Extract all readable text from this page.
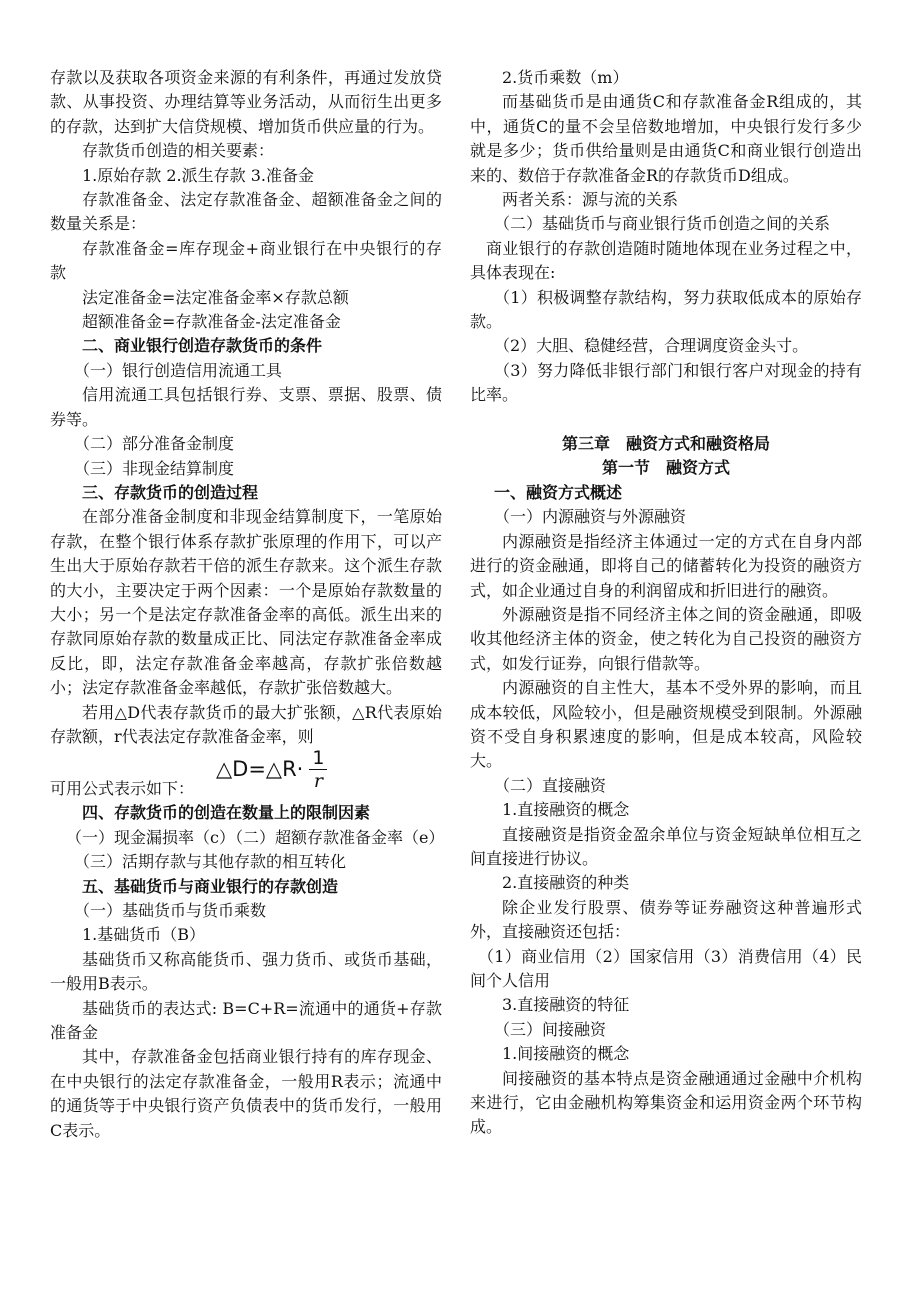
存款以及获取各项资金来源的有利条件，再通过发放贷款、从事投资、办理结算等业务活动，从而衍生出更多的存款，达到扩大信贷规模、增加货币供应量的行为。

存款货币创造的相关要素：

1.原始存款 2.派生存款 3.准备金

存款准备金、法定存款准备金、超额准备金之间的数量关系是：

存款准备金=库存现金+商业银行在中央银行的存款

法定准备金=法定准备金率×存款总额

超额准备金=存款准备金-法定准备金

二、商业银行创造存款货币的条件

（一）银行创造信用流通工具

信用流通工具包括银行券、支票、票据、股票、债券等。

（二）部分准备金制度

（三）非现金结算制度

三、存款货币的创造过程

在部分准备金制度和非现金结算制度下，一笔原始存款，在整个银行体系存款扩张原理的作用下，可以产生出大于原始存款若干倍的派生存款来。这个派生存款的大小，主要决定于两个因素：一个是原始存款数量的大小；另一个是法定存款准备金率的高低。派生出来的存款同原始存款的数量成正比、同法定存款准备金率成反比，即，法定存款准备金率越高，存款扩张倍数越小；法定存款准备金率越低，存款扩张倍数越大。

若用△D代表存款货币的最大扩张额，△R代表原始存款额，r代表法定存款准备金率，则

可用公式表示如下：
△D=△R· $\frac{1}{r}$

四、存款货币的创造在数量上的限制因素

（一）现金漏损率（c）（二）超额存款准备金率（e）

（三）活期存款与其他存款的相互转化

五、基础货币与商业银行的存款创造

（一）基础货币与货币乘数

1.基础货币（B）

基础货币又称高能货币、强力货币、或货币基础，一般用B表示。

基础货币的表达式: B=C+R=流通中的通货+存款准备金

其中，存款准备金包括商业银行持有的库存现金、在中央银行的法定存款准备金，一般用R表示；流通中的通货等于中央银行资产负债表中的货币发行，一般用C表示。

2.货币乘数（m）

而基础货币是由通货C和存款准备金R组成的，其中，通货C的量不会呈倍数地增加，中央银行发行多少就是多少；货币供给量则是由通货C和商业银行创造出来的、数倍于存款准备金R的存款货币D组成。

两者关系：源与流的关系

（二）基础货币与商业银行货币创造之间的关系

商业银行的存款创造随时随地体现在业务过程之中，具体表现在:

（1）积极调整存款结构，努力获取低成本的原始存款。

（2）大胆、稳健经营，合理调度资金头寸。

（3）努力降低非银行部门和银行客户对现金的持有比率。

第三章　融资方式和融资格局

第一节　融资方式

一、融资方式概述

（一）内源融资与外源融资

内源融资是指经济主体通过一定的方式在自身内部进行的资金融通，即将自己的储蓄转化为投资的融资方式，如企业通过自身的利润留成和折旧进行的融资。

外源融资是指不同经济主体之间的资金融通，即吸收其他经济主体的资金，使之转化为自己投资的融资方式，如发行证券，向银行借款等。

内源融资的自主性大，基本不受外界的影响，而且成本较低，风险较小，但是融资规模受到限制。外源融资不受自身积累速度的影响，但是成本较高，风险较大。

（二）直接融资

1.直接融资的概念

直接融资是指资金盈余单位与资金短缺单位相互之间直接进行协议。

2.直接融资的种类

除企业发行股票、债券等证券融资这种普遍形式外，直接融资还包括：

（1）商业信用（2）国家信用（3）消费信用（4）民间个人信用

3.直接融资的特征

（三）间接融资

1.间接融资的概念

间接融资的基本特点是资金融通通过金融中介机构来进行，它由金融机构筹集资金和运用资金两个环节构成。
